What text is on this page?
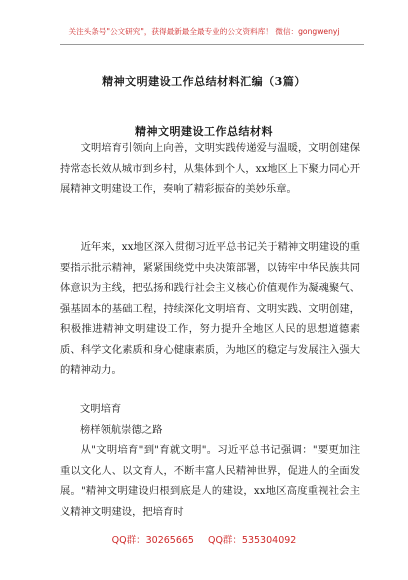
关注头条号"公文研究"，获得最新最全最专业的公文资料库！ 微信：gongwenyj
精神文明建设工作总结材料汇编（3篇）
精神文明建设工作总结材料

文明培育引领向上向善，文明实践传递爱与温暖，文明创建保持常态长效从城市到乡村，从集体到个人，xx地区上下聚力同心开展精神文明建设工作，奏响了精彩振奋的美妙乐章。

近年来，xx地区深入贯彻习近平总书记关于精神文明建设的重要指示批示精神，紧紧围绕党中央决策部署，以铸牢中华民族共同体意识为主线，把弘扬和践行社会主义核心价值观作为凝魂聚气、强基固本的基础工程，持续深化文明培育、文明实践、文明创建，积极推进精神文明建设工作，努力提升全地区人民的思想道德素质、科学文化素质和身心健康素质，为地区的稳定与发展注入强大的精神动力。

文明培育

榜样领航崇德之路

从"文明培育"到"育就文明"。习近平总书记强调："要更加注重以文化人、以文育人，不断丰富人民精神世界，促进人的全面发展。"精神文明建设归根到底是人的建设，xx地区高度重视社会主义精神文明建设，把培育时

QQ群：30265665 QQ群：535304092
